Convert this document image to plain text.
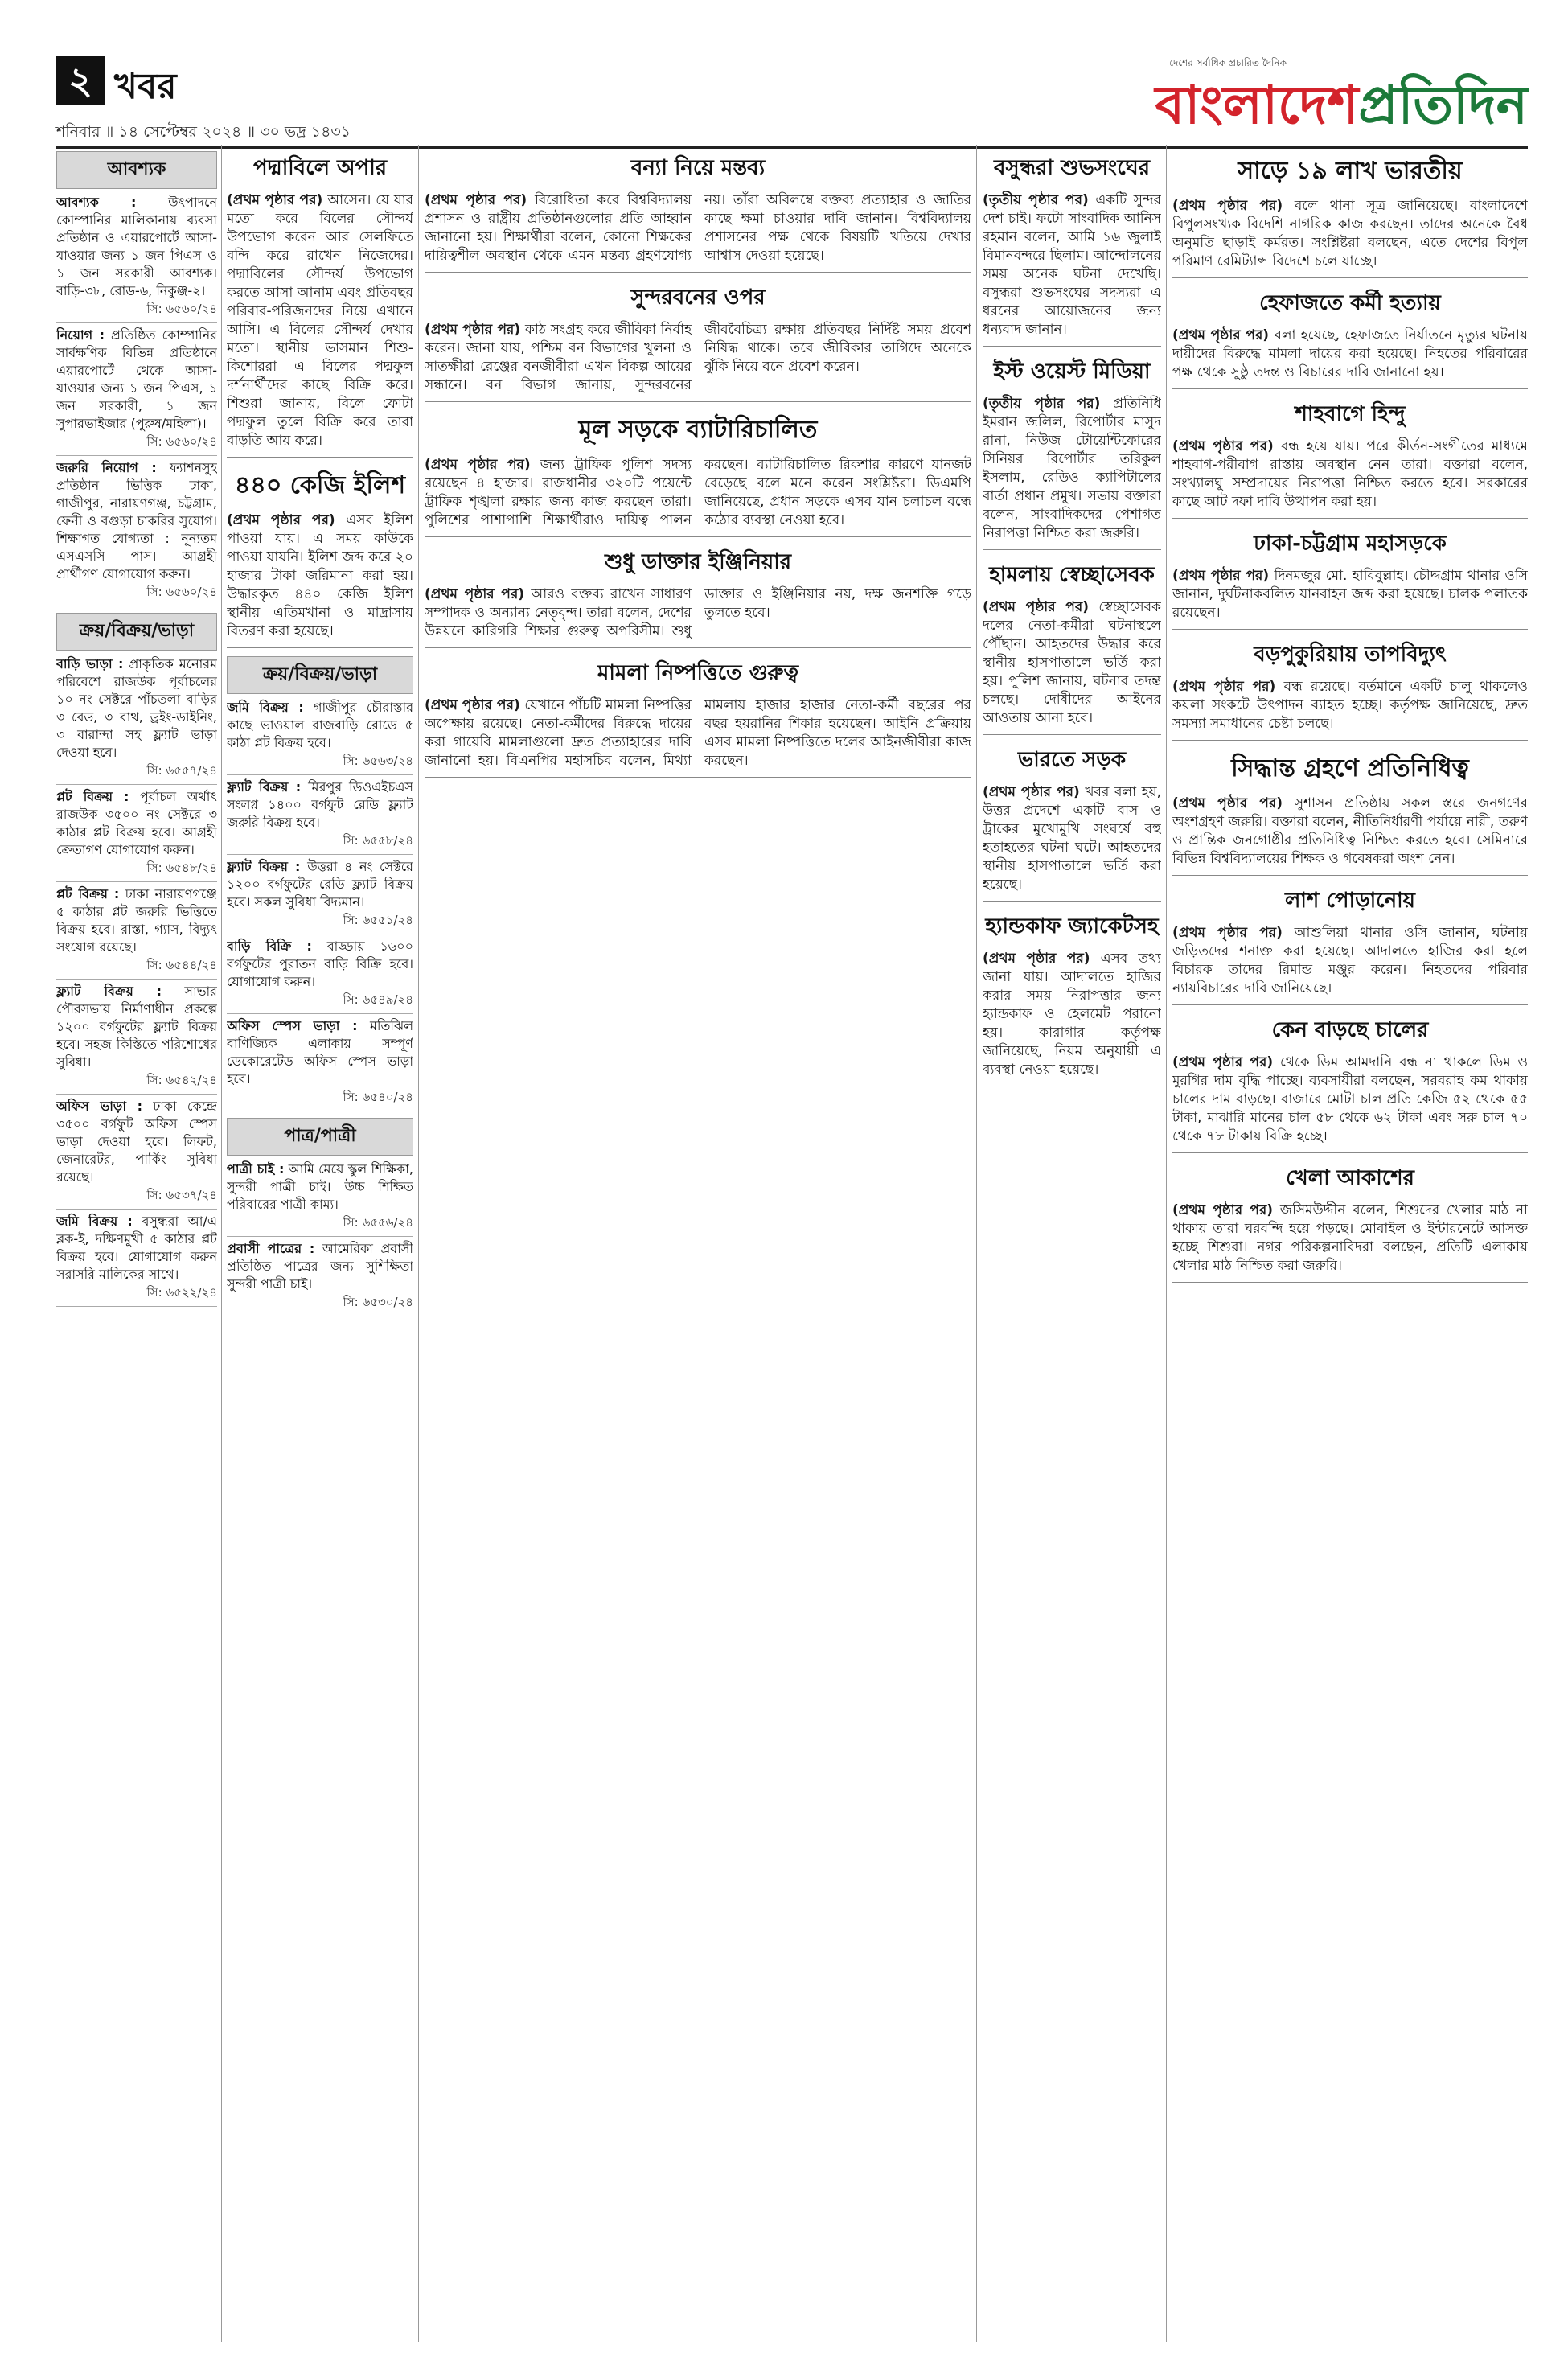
২ খবর
শনিবার ॥ ১৪ সেপ্টেম্বর ২০২৪ ॥ ৩০ ভদ্র ১৪৩১
দেশের সর্বাধিক প্রচারিত দৈনিক
বাংলাদেশপ্রতিদিন
আবশ্যক
আবশ্যক : উৎপাদনে কোম্পানির মালিকানায় ব্যবসা প্রতিষ্ঠান ও এয়ারপোর্টে আসা-যাওয়ার জন্য ১ জন পিএস ও ১ জন সরকারী আবশ্যক। বাড়ি-৩৮, রোড-৬, নিকুঞ্জ-২।
সি: ৬৫৬০/২৪
নিয়োগ : প্রতিষ্ঠিত কোম্পানির সার্বক্ষণিক বিভিন্ন প্রতিষ্ঠানে এয়ারপোর্টে থেকে আসা-যাওয়ার জন্য ১ জন পিএস, ১ জন সরকারী, ১ জন সুপারভাইজার (পুরুষ/মহিলা)।
সি: ৬৫৬০/২৪
জরুরি নিয়োগ : ফ্যাশনসুহ প্রতিষ্ঠান ভিত্তিক ঢাকা, গাজীপুর, নারায়ণগঞ্জ, চট্টগ্রাম, ফেনী ও বগুড়া চাকরির সুযোগ। শিক্ষাগত যোগ্যতা : নূন্যতম এসএসসি পাস। আগ্রহী প্রার্থীগণ যোগাযোগ করুন।
সি: ৬৫৬০/২৪
ক্রয়/বিক্রয়/ভাড়া
বাড়ি ভাড়া : প্রাকৃতিক মনোরম পরিবেশে রাজউক পূর্বাচলের ১০ নং সেক্টরে পাঁচতলা বাড়ির ৩ বেড, ৩ বাথ, ড্রইং-ডাইনিং, ৩ বারান্দা সহ ফ্ল্যাট ভাড়া দেওয়া হবে।
সি: ৬৫৫৭/২৪
প্লট বিক্রয় : পূর্বাচল অর্থাৎ রাজউক ৩৫০০ নং সেক্টরে ৩ কাঠার প্লট বিক্রয় হবে। আগ্রহী ক্রেতাগণ যোগাযোগ করুন।
সি: ৬৫৪৮/২৪
প্লট বিক্রয় : ঢাকা নারায়ণগঞ্জে ৫ কাঠার প্লট জরুরি ভিত্তিতে বিক্রয় হবে। রাস্তা, গ্যাস, বিদ্যুৎ সংযোগ রয়েছে।
সি: ৬৫৪৪/২৪
ফ্ল্যাট বিক্রয় : সাভার পৌরসভায় নির্মাণাধীন প্রকল্পে ১২০০ বর্গফুটের ফ্ল্যাট বিক্রয় হবে। সহজ কিস্তিতে পরিশোধের সুবিধা।
সি: ৬৫৪২/২৪
অফিস ভাড়া : ঢাকা কেন্দ্রে ৩৫০০ বর্গফুট অফিস স্পেস ভাড়া দেওয়া হবে। লিফট, জেনারেটর, পার্কিং সুবিধা রয়েছে।
সি: ৬৫৩৭/২৪
জমি বিক্রয় : বসুন্ধরা আ/এ ব্লক-ই, দক্ষিণমুখী ৫ কাঠার প্লট বিক্রয় হবে। যোগাযোগ করুন সরাসরি মালিকের সাথে।
সি: ৬৫২২/২৪
পদ্মাবিলে অপার

(প্রথম পৃষ্ঠার পর) আসেন। যে যার মতো করে বিলের সৌন্দর্য উপভোগ করেন আর সেলফিতে বন্দি করে রাখেন নিজেদের। পদ্মাবিলের সৌন্দর্য উপভোগ করতে আসা আনাম এবং প্রতিবছর পরিবার-পরিজনদের নিয়ে এখানে আসি। এ বিলের সৌন্দর্য দেখার মতো। স্থানীয় ভাসমান শিশু-কিশোররা এ বিলের পদ্মফুল দর্শনার্থীদের কাছে বিক্রি করে। শিশুরা জানায়, বিলে ফোটা পদ্মফুল তুলে বিক্রি করে তারা বাড়তি আয় করে।

৪৪০ কেজি ইলিশ

(প্রথম পৃষ্ঠার পর) এসব ইলিশ পাওয়া যায়। এ সময় কাউকে পাওয়া যায়নি। ইলিশ জব্দ করে ২০ হাজার টাকা জরিমানা করা হয়। উদ্ধারকৃত ৪৪০ কেজি ইলিশ স্থানীয় এতিমখানা ও মাদ্রাসায় বিতরণ করা হয়েছে।

ক্রয়/বিক্রয়/ভাড়া
জমি বিক্রয় : গাজীপুর চৌরাস্তার কাছে ভাওয়াল রাজবাড়ি রোডে ৫ কাঠা প্লট বিক্রয় হবে।
সি: ৬৫৬৩/২৪
ফ্ল্যাট বিক্রয় : মিরপুর ডিওএইচএস সংলগ্ন ১৪০০ বর্গফুট রেডি ফ্ল্যাট জরুরি বিক্রয় হবে।
সি: ৬৫৫৮/২৪
ফ্ল্যাট বিক্রয় : উত্তরা ৪ নং সেক্টরে ১২০০ বর্গফুটের রেডি ফ্ল্যাট বিক্রয় হবে। সকল সুবিধা বিদ্যমান।
সি: ৬৫৫১/২৪
বাড়ি বিক্রি : বাড্ডায় ১৬০০ বর্গফুটের পুরাতন বাড়ি বিক্রি হবে। যোগাযোগ করুন।
সি: ৬৫৪৯/২৪
অফিস স্পেস ভাড়া : মতিঝিল বাণিজ্যিক এলাকায় সম্পূর্ণ ডেকোরেটেড অফিস স্পেস ভাড়া হবে।
সি: ৬৫৪০/২৪
পাত্র/পাত্রী
পাত্রী চাই : আমি মেয়ে স্কুল শিক্ষিকা, সুন্দরী পাত্রী চাই। উচ্চ শিক্ষিত পরিবারের পাত্রী কাম্য।
সি: ৬৫৫৬/২৪
প্রবাসী পাত্রের : আমেরিকা প্রবাসী প্রতিষ্ঠিত পাত্রের জন্য সুশিক্ষিতা সুন্দরী পাত্রী চাই।
সি: ৬৫৩০/২৪
বন্যা নিয়ে মন্তব্য

(প্রথম পৃষ্ঠার পর) বিরোধিতা করে বিশ্ববিদ্যালয় প্রশাসন ও রাষ্ট্রীয় প্রতিষ্ঠানগুলোর প্রতি আহ্বান জানানো হয়। শিক্ষার্থীরা বলেন, কোনো শিক্ষকের দায়িত্বশীল অবস্থান থেকে এমন মন্তব্য গ্রহণযোগ্য নয়। তাঁরা অবিলম্বে বক্তব্য প্রত্যাহার ও জাতির কাছে ক্ষমা চাওয়ার দাবি জানান। বিশ্ববিদ্যালয় প্রশাসনের পক্ষ থেকে বিষয়টি খতিয়ে দেখার আশ্বাস দেওয়া হয়েছে।

সুন্দরবনের ওপর

(প্রথম পৃষ্ঠার পর) কাঠ সংগ্রহ করে জীবিকা নির্বাহ করেন। জানা যায়, পশ্চিম বন বিভাগের খুলনা ও সাতক্ষীরা রেঞ্জের বনজীবীরা এখন বিকল্প আয়ের সন্ধানে। বন বিভাগ জানায়, সুন্দরবনের জীববৈচিত্র্য রক্ষায় প্রতিবছর নির্দিষ্ট সময় প্রবেশ নিষিদ্ধ থাকে। তবে জীবিকার তাগিদে অনেকে ঝুঁকি নিয়ে বনে প্রবেশ করেন।

মূল সড়কে ব্যাটারিচালিত

(প্রথম পৃষ্ঠার পর) জন্য ট্রাফিক পুলিশ সদস্য রয়েছেন ৪ হাজার। রাজধানীর ৩২০টি পয়েন্টে ট্রাফিক শৃঙ্খলা রক্ষার জন্য কাজ করছেন তারা। পুলিশের পাশাপাশি শিক্ষার্থীরাও দায়িত্ব পালন করছেন। ব্যাটারিচালিত রিকশার কারণে যানজট বেড়েছে বলে মনে করেন সংশ্লিষ্টরা। ডিএমপি জানিয়েছে, প্রধান সড়কে এসব যান চলাচল বন্ধে কঠোর ব্যবস্থা নেওয়া হবে।

শুধু ডাক্তার ইঞ্জিনিয়ার

(প্রথম পৃষ্ঠার পর) আরও বক্তব্য রাখেন সাধারণ সম্পাদক ও অন্যান্য নেতৃবৃন্দ। তারা বলেন, দেশের উন্নয়নে কারিগরি শিক্ষার গুরুত্ব অপরিসীম। শুধু ডাক্তার ও ইঞ্জিনিয়ার নয়, দক্ষ জনশক্তি গড়ে তুলতে হবে।

মামলা নিষ্পত্তিতে গুরুত্ব

(প্রথম পৃষ্ঠার পর) যেখানে পাঁচটি মামলা নিষ্পত্তির অপেক্ষায় রয়েছে। নেতা-কর্মীদের বিরুদ্ধে দায়ের করা গায়েবি মামলাগুলো দ্রুত প্রত্যাহারের দাবি জানানো হয়। বিএনপির মহাসচিব বলেন, মিথ্যা মামলায় হাজার হাজার নেতা-কর্মী বছরের পর বছর হয়রানির শিকার হয়েছেন। আইনি প্রক্রিয়ায় এসব মামলা নিষ্পত্তিতে দলের আইনজীবীরা কাজ করছেন।

বসুন্ধরা শুভসংঘের

(তৃতীয় পৃষ্ঠার পর) একটি সুন্দর দেশ চাই। ফটো সাংবাদিক আনিস রহমান বলেন, আমি ১৬ জুলাই বিমানবন্দরে ছিলাম। আন্দোলনের সময় অনেক ঘটনা দেখেছি। বসুন্ধরা শুভসংঘের সদস্যরা এ ধরনের আয়োজনের জন্য ধন্যবাদ জানান।

ইস্ট ওয়েস্ট মিডিয়া

(তৃতীয় পৃষ্ঠার পর) প্রতিনিধি ইমরান জলিল, রিপোর্টার মাসুদ রানা, নিউজ টোয়েন্টিফোরের সিনিয়র রিপোর্টার তরিকুল ইসলাম, রেডিও ক্যাপিটালের বার্তা প্রধান প্রমুখ। সভায় বক্তারা বলেন, সাংবাদিকদের পেশাগত নিরাপত্তা নিশ্চিত করা জরুরি।

হামলায় স্বেচ্ছাসেবক

(প্রথম পৃষ্ঠার পর) স্বেচ্ছাসেবক দলের নেতা-কর্মীরা ঘটনাস্থলে পৌঁছান। আহতদের উদ্ধার করে স্থানীয় হাসপাতালে ভর্তি করা হয়। পুলিশ জানায়, ঘটনার তদন্ত চলছে। দোষীদের আইনের আওতায় আনা হবে।

ভারতে সড়ক

(প্রথম পৃষ্ঠার পর) খবর বলা হয়, উত্তর প্রদেশে একটি বাস ও ট্রাকের মুখোমুখি সংঘর্ষে বহু হতাহতের ঘটনা ঘটে। আহতদের স্থানীয় হাসপাতালে ভর্তি করা হয়েছে।

হ্যান্ডকাফ জ্যাকেটসহ

(প্রথম পৃষ্ঠার পর) এসব তথ্য জানা যায়। আদালতে হাজির করার সময় নিরাপত্তার জন্য হ্যান্ডকাফ ও হেলমেট পরানো হয়। কারাগার কর্তৃপক্ষ জানিয়েছে, নিয়ম অনুযায়ী এ ব্যবস্থা নেওয়া হয়েছে।

সাড়ে ১৯ লাখ ভারতীয়

(প্রথম পৃষ্ঠার পর) বলে থানা সূত্র জানিয়েছে। বাংলাদেশে বিপুলসংখ্যক বিদেশি নাগরিক কাজ করছেন। তাদের অনেকে বৈধ অনুমতি ছাড়াই কর্মরত। সংশ্লিষ্টরা বলছেন, এতে দেশের বিপুল পরিমাণ রেমিট্যান্স বিদেশে চলে যাচ্ছে।

হেফাজতে কর্মী হত্যায়

(প্রথম পৃষ্ঠার পর) বলা হয়েছে, হেফাজতে নির্যাতনে মৃত্যুর ঘটনায় দায়ীদের বিরুদ্ধে মামলা দায়ের করা হয়েছে। নিহতের পরিবারের পক্ষ থেকে সুষ্ঠু তদন্ত ও বিচারের দাবি জানানো হয়।

শাহবাগে হিন্দু

(প্রথম পৃষ্ঠার পর) বন্ধ হয়ে যায়। পরে কীর্তন-সংগীতের মাধ্যমে শাহবাগ-পরীবাগ রাস্তায় অবস্থান নেন তারা। বক্তারা বলেন, সংখ্যালঘু সম্প্রদায়ের নিরাপত্তা নিশ্চিত করতে হবে। সরকারের কাছে আট দফা দাবি উত্থাপন করা হয়।

ঢাকা-চট্টগ্রাম মহাসড়কে

(প্রথম পৃষ্ঠার পর) দিনমজুর মো. হাবিবুল্লাহ। চৌদ্দগ্রাম থানার ওসি জানান, দুর্ঘটনাকবলিত যানবাহন জব্দ করা হয়েছে। চালক পলাতক রয়েছেন।

বড়পুকুরিয়ায় তাপবিদ্যুৎ

(প্রথম পৃষ্ঠার পর) বন্ধ রয়েছে। বর্তমানে একটি চালু থাকলেও কয়লা সংকটে উৎপাদন ব্যাহত হচ্ছে। কর্তৃপক্ষ জানিয়েছে, দ্রুত সমস্যা সমাধানের চেষ্টা চলছে।

সিদ্ধান্ত গ্রহণে প্রতিনিধিত্ব

(প্রথম পৃষ্ঠার পর) সুশাসন প্রতিষ্ঠায় সকল স্তরে জনগণের অংশগ্রহণ জরুরি। বক্তারা বলেন, নীতিনির্ধারণী পর্যায়ে নারী, তরুণ ও প্রান্তিক জনগোষ্ঠীর প্রতিনিধিত্ব নিশ্চিত করতে হবে। সেমিনারে বিভিন্ন বিশ্ববিদ্যালয়ের শিক্ষক ও গবেষকরা অংশ নেন।

লাশ পোড়ানোয়

(প্রথম পৃষ্ঠার পর) আশুলিয়া থানার ওসি জানান, ঘটনায় জড়িতদের শনাক্ত করা হয়েছে। আদালতে হাজির করা হলে বিচারক তাদের রিমান্ড মঞ্জুর করেন। নিহতদের পরিবার ন্যায়বিচারের দাবি জানিয়েছে।

কেন বাড়ছে চালের

(প্রথম পৃষ্ঠার পর) থেকে ডিম আমদানি বন্ধ না থাকলে ডিম ও মুরগির দাম বৃদ্ধি পাচ্ছে। ব্যবসায়ীরা বলছেন, সরবরাহ কম থাকায় চালের দাম বাড়ছে। বাজারে মোটা চাল প্রতি কেজি ৫২ থেকে ৫৫ টাকা, মাঝারি মানের চাল ৫৮ থেকে ৬২ টাকা এবং সরু চাল ৭০ থেকে ৭৮ টাকায় বিক্রি হচ্ছে।

খেলা আকাশের

(প্রথম পৃষ্ঠার পর) জসিমউদ্দীন বলেন, শিশুদের খেলার মাঠ না থাকায় তারা ঘরবন্দি হয়ে পড়ছে। মোবাইল ও ইন্টারনেটে আসক্ত হচ্ছে শিশুরা। নগর পরিকল্পনাবিদরা বলছেন, প্রতিটি এলাকায় খেলার মাঠ নিশ্চিত করা জরুরি।
